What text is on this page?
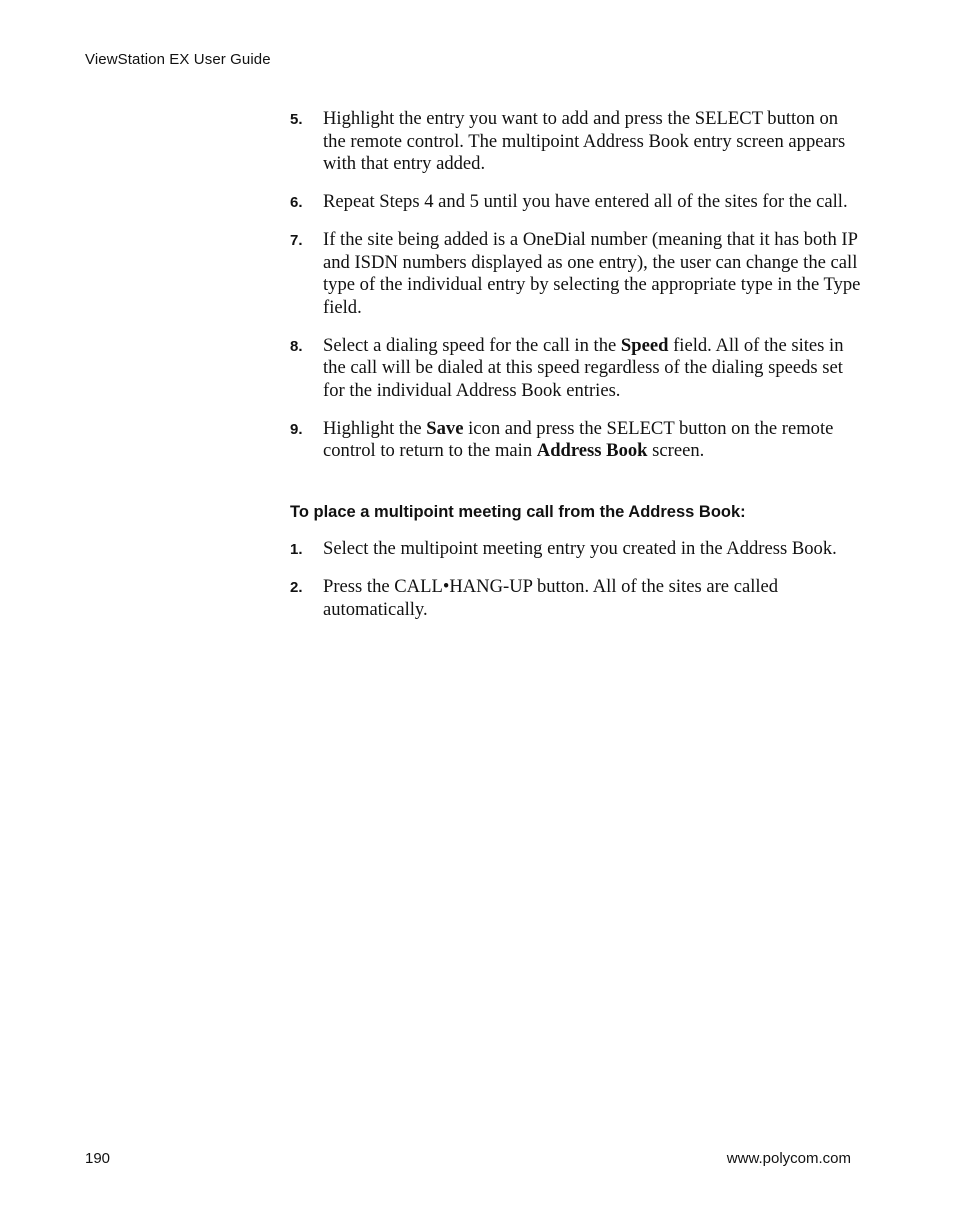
ViewStation EX User Guide
5. Highlight the entry you want to add and press the SELECT button on the remote control. The multipoint Address Book entry screen appears with that entry added.
6. Repeat Steps 4 and 5 until you have entered all of the sites for the call.
7. If the site being added is a OneDial number (meaning that it has both IP and ISDN numbers displayed as one entry), the user can change the call type of the individual entry by selecting the appropriate type in the Type field.
8. Select a dialing speed for the call in the Speed field. All of the sites in the call will be dialed at this speed regardless of the dialing speeds set for the individual Address Book entries.
9. Highlight the Save icon and press the SELECT button on the remote control to return to the main Address Book screen.
To place a multipoint meeting call from the Address Book:
1. Select the multipoint meeting entry you created in the Address Book.
2. Press the CALL•HANG-UP button. All of the sites are called automatically.
190	www.polycom.com
